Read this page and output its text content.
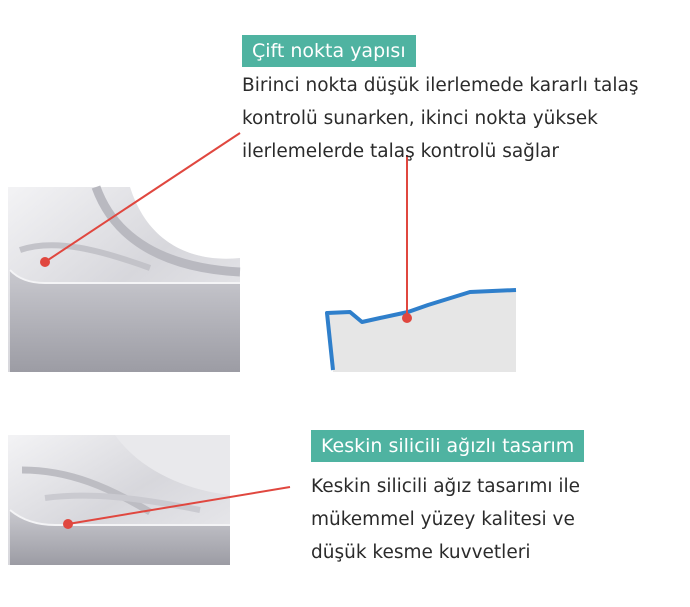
Çift nokta yapısı
Birinci nokta düşük ilerlemede kararlı talaş
kontrolü sunarken, ikinci nokta yüksek
ilerlemelerde talaş kontrolü sağlar
Keskin silicili ağızlı tasarım
Keskin silicili ağız tasarımı ile
mükemmel yüzey kalitesi ve
düşük kesme kuvvetleri
